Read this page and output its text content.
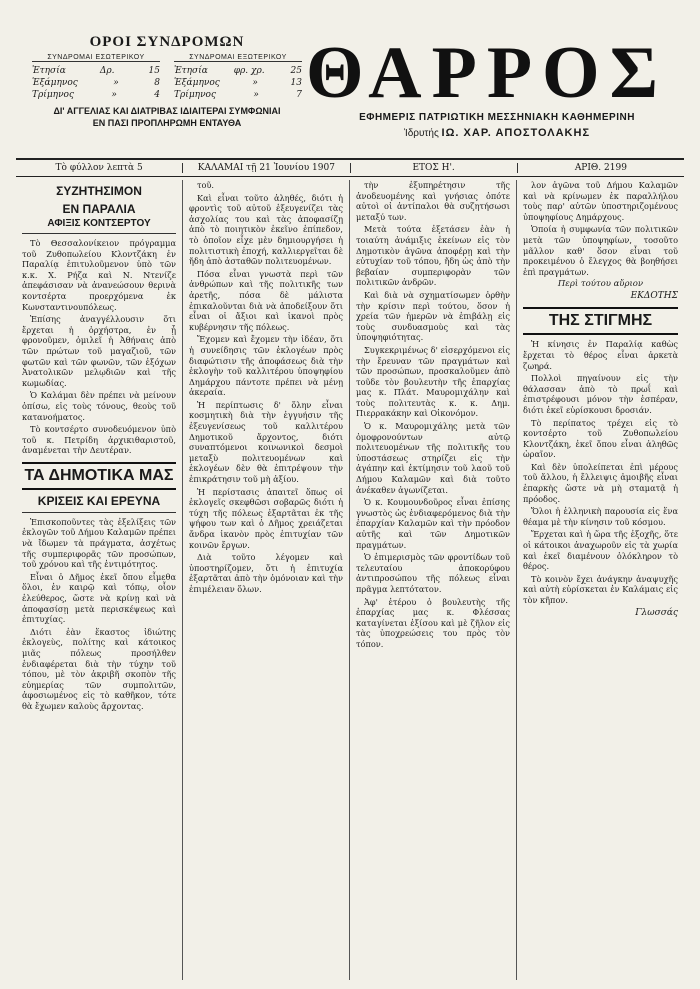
ΟΡΟΙ ΣΥΝΔΡΟΜΩΝ
ΣΥΝΔΡΟΜΑΙ ΕΣΩΤΕΡΙΚΟΥ
Ἐτησία	Δρ.	15
Ἑξάμηνος	»	8
Τρίμηνος	»	4
ΣΥΝΔΡΟΜΑΙ ΕΞΩΤΕΡΙΚΟΥ
Ἐτησία	φρ. χρ.	25
Ἑξάμηνος	»	13
Τρίμηνος	»	7
ΔΙ' ΑΓΓΕΛΙΑΣ ΚΑΙ ΔΙΑΤΡΙΒΑΣ ΙΔΙΑΙΤΕΡΑΙ ΣΥΜΦΩΝΙΑΙ
ΕΝ ΠΑΣΙ ΠΡΟΠΛΗΡΩΜΗ ΕΝΤΑΥΘΑ
ΘΑΡΡΟΣ
ΕΦΗΜΕΡΙΣ ΠΑΤΡΙΩΤΙΚΗ ΜΕΣΣΗΝΙΑΚΗ ΚΑΘΗΜΕΡΙΝΗ
Ἱδρυτής ΙΩ. ΧΑΡ. ΑΠΟΣΤΟΛΑΚΗΣ
Τὸ φύλλον λεπτὰ 5	ΚΑΛΑΜΑΙ τῇ 21 Ἰουνίου 1907	ΕΤΟΣ Η'.	ΑΡΙΘ. 2199
ΣΥΖΗΤΗΣΙΜΟΝ
ΕΝ ΠΑΡΑΛΙΑ
ΑΦΙΞΙΣ ΚΟΝΤΣΕΡΤΟΥ

Τὸ Θεσσαλονίκειον πρόγραμμα τοῦ Ζυθοπωλείου Κλοντζάκη ἐν Παραλίᾳ ἐπιτυλοῦμενον ὑπὸ τῶν κ.κ. Χ. Ρήζα καὶ Ν. Ντενίζε ἀπεφάσισαν νὰ ἀνανεώσουν θερινὰ κοντσέρτα προερχόμενα ἐκ Κωνσταντινουπόλεως.

Ἐπίσης ἀναγγέλλουσιν ὅτι ἔρχεται ἡ ὀρχήστρα, ἐν ᾗ φρονοῦμεν, ὁμιλεῖ ἡ Ἀθήναις ἀπὸ τῶν πρώτων τοῦ μαγαζιοῦ, τῶν φωτῶν καὶ τῶν φωνῶν, τῶν ἐξόχων Ἀνατολικῶν μελῳδιῶν καὶ τῆς κωμωδίας.

Ὁ Καλάμαι δὲν πρέπει νὰ μείνουν ὀπίσω, εἰς τοὺς τόνους, θεοὺς τοῦ κατανοήματος.

Τὸ κοντσέρτο συνοδευόμενον ὑπὸ τοῦ κ. Πετρίδη ἀρχικιθαριστοῦ, ἀναμένεται τὴν Δευτέραν.

ΤΑ ΔΗΜΟΤΙΚΑ ΜΑΣ
ΚΡΙΣΕΙΣ ΚΑΙ ΕΡΕΥΝΑ

Ἐπισκοποῦντες τὰς ἐξελίξεις τῶν ἐκλογῶν τοῦ Δήμου Καλαμῶν πρέπει νὰ ἴδωμεν τὰ πράγματα, ἀσχέτως τῆς συμπεριφορᾶς τῶν προσώπων, τοῦ χρόνου καὶ τῆς ἐντιμότητος.

Εἶναι ὁ Δῆμος ἐκεῖ ὅπου εἶμεθα ὅλοι, ἐν καιρῷ καὶ τόπῳ, οἷον ἐλεύθερος, ὥστε νὰ κρίνῃ καὶ νὰ ἀποφασίσῃ μετὰ περισκέψεως καὶ ἐπιτυχίας.

Διότι ἐὰν ἕκαστος ἰδιώτης ἐκλογεὺς, πολίτης καὶ κάτοικος μιᾶς πόλεως προσήλθεν ἐνδιαφέρεται διὰ τὴν τύχην τοῦ τόπου, μὲ τὸν ἀκριβῆ σκοπὸν τῆς εὐημερίας τῶν συμπολιτῶν, ἀφοσιωμένος εἰς τὸ καθῆκον, τότε θὰ ἔχωμεν καλοὺς ἄρχοντας.

τοῦ.

Καὶ εἶναι τοῦτο ἀληθές, διότι ἡ φροντὶς τοῦ αὐτοῦ ἐξευγενίζει τὰς ἀσχολίας του καὶ τὰς ἀποφασίζῃ ἀπὸ τὸ ποιητικὸν ἐκεῖνο ἐπίπεδον, τὸ ὁποῖον εἶχε μὲν δημιουργήσει ἡ πολιτιστικὴ ἐποχή, καλλιεργεῖται δὲ ἤδη ἀπὸ ἀσταθῶν πολιτευομένων.

Πόσα εἶναι γνωστὰ περὶ τῶν ἀνθρώπων καὶ τῆς πολιτικῆς των ἀρετῆς, πόσα δὲ μάλιστα ἐπικαλοῦνται διὰ νὰ ἀποδείξουν ὅτι εἶναι οἱ ἄξιοι καὶ ἱκανοὶ πρὸς κυβέρνησιν τῆς πόλεως.

Ἔχομεν καὶ ἔχομεν τὴν ἰδέαν, ὅτι ἡ συνείδησις τῶν ἐκλογέων πρὸς διαφώτισιν τῆς ἀποφάσεως διὰ τὴν ἐκλογὴν τοῦ καλλιτέρου ὑποψηφίου Δημάρχου πάντοτε πρέπει νὰ μένῃ ἀκεραία.

Ἡ περίπτωσις δ' ὅλην εἶναι κοσμητικὴ διὰ τὴν ἐγγυήσιν τῆς ἐξευγενίσεως τοῦ καλλιτέρου Δημοτικοῦ ἄρχοντος, διότι συναπτόμενοι κοινωνικοὶ δεσμοὶ μεταξὺ πολιτευομένων καὶ ἐκλογέων δὲν θὰ ἐπιτρέψουν τὴν ἐπικράτησιν τοῦ μὴ ἀξίου.

Ἡ περίστασις ἀπαιτεῖ ὅπως οἱ ἐκλογεῖς σκεφθῶσι σοβαρῶς διότι ἡ τύχη τῆς πόλεως ἐξαρτᾶται ἐκ τῆς ψήφου των καὶ ὁ Δῆμος χρειάζεται ἄνδρα ἱκανὸν πρὸς ἐπιτυχίαν τῶν κοινῶν ἔργων.

Διὰ τοῦτο λέγομεν καὶ ὑποστηρίζομεν, ὅτι ἡ ἐπιτυχία ἐξαρτᾶται ἀπὸ τὴν ὁμόνοιαν καὶ τὴν ἐπιμέλειαν ὅλων.

τὴν ἐξυπηρέτησιν τῆς ἀνοδευομένης καὶ γνήσιας ὁπότε αὐτοὶ οἱ ἀντίπαλοι θὰ συζητήσωσι μεταξύ των.

Μετὰ τούτα ἐξετάσεν ἐὰν ἡ τοιαύτη ἀνάμιξις ἐκείνων εἰς τὸν Δημοτικὸν ἀγῶνα ἀποφέρῃ καὶ τὴν εὐτυχίαν τοῦ τόπου, ἤδη ὡς ἀπὸ τὴν βεβαίαν συμπεριφορὰν τῶν πολιτικῶν ἀνδρῶν.

Καὶ διὰ νὰ σχηματίσωμεν ὀρθὴν τὴν κρίσιν περὶ τούτου, ὅσον ἡ χρεία τῶν ἡμερῶν νὰ ἐπιβάλῃ εἰς τοὺς συνδυασμοὺς καὶ τὰς ὑποψηφιότητας.

Συγκεκριμένως δ' εἰσερχόμενοι εἰς τὴν ἔρευναν τῶν πραγμάτων καὶ τῶν προσώπων, προσκαλοῦμεν ἀπὸ τοῦδε τὸν βουλευτὴν τῆς ἐπαρχίας μας κ. Πλάτ. Μαυρομιχάλην καὶ τοὺς πολιτευτὰς κ. κ. Δημ. Πιερρακάκην καὶ Οἰκονόμον.

Ὁ κ. Μαυρομιχάλης μετὰ τῶν ὁμοφρονούντων αὐτῷ πολιτευομένων τῆς πολιτικῆς του ὑποστάσεως στηρίζει εἰς τὴν ἀγάπην καὶ ἐκτίμησιν τοῦ λαοῦ τοῦ Δήμου Καλαμῶν καὶ διὰ τοῦτο ἀνέκαθεν ἀγωνίζεται.

Ὁ κ. Κουμουνδοῦρος εἶναι ἐπίσης γνωστὸς ὡς ἐνδιαφερόμενος διὰ τὴν ἐπαρχίαν Καλαμῶν καὶ τὴν πρόοδον αὐτῆς καὶ τῶν Δημοτικῶν πραγμάτων.

Ὁ ἐπιμερισμὸς τῶν φροντίδων τοῦ τελευταίου ἀποκορύφου ἀντιπροσώπου τῆς πόλεως εἶναι πρᾶγμα λεπτότατον.

Ἀφ' ἑτέρου ὁ βουλευτὴς τῆς ἐπαρχίας μας κ. Φλέσσας καταγίνεται ἐξίσου καὶ μὲ ζῆλον εἰς τὰς ὑποχρεώσεις του πρὸς τὸν τόπον.

λον ἀγῶνα τοῦ Δήμου Καλαμῶν καὶ νὰ κρίνωμεν ἐκ παραλλήλου τοὺς παρ' αὐτῶν ὑποστηριζομένους ὑποψηφίους Δημάρχους.

Ὁποία ἡ συμφωνία τῶν πολιτικῶν μετὰ τῶν ὑποψηφίων, τοσοῦτο μᾶλλον καθ' ὅσον εἶναι τοῦ προκειμένου ὁ ἔλεγχος θὰ βοηθήσει ἐπὶ πραγμάτων.

Περὶ τούτου αὔριον
ΕΚΔΟΤΗΣ
ΤΗΣ ΣΤΙΓΜΗΣ

Ἡ κίνησις ἐν Παραλίᾳ καθὼς ἔρχεται τὸ θέρος εἶναι ἀρκετὰ ζωηρά.

Πολλοὶ πηγαίνουν εἰς τὴν θάλασσαν ἀπὸ τὸ πρωΐ καὶ ἐπιστρέφουσι μόνον τὴν ἑσπέραν, διότι ἐκεῖ εὑρίσκουσι δροσιάν.

Τὸ περίπατος τρέχει εἰς τὸ κοντσέρτο τοῦ Ζυθοπωλείου Κλοντζάκη, ἐκεῖ ὅπου εἶναι ἀληθῶς ὡραῖον.

Καὶ δὲν ὑπολείπεται ἐπὶ μέρους τοῦ ἄλλου, ἡ ἔλλειψις ἀμοιβῆς εἶναι ἐπαρκὴς ὥστε νὰ μὴ σταματᾷ ἡ πρόοδος.

Ὅλοι ἡ ἑλληνικὴ παρουσία εἰς ἕνα θέαμα μὲ τὴν κίνησιν τοῦ κόσμου.

Ἔρχεται καὶ ἡ ὥρα τῆς ἐξοχῆς, ὅτε οἱ κάτοικοι ἀναχωροῦν εἰς τὰ χωρία καὶ ἐκεῖ διαμένουν ὁλόκληρον τὸ θέρος.

Τὸ κοινὸν ἔχει ἀνάγκην ἀναψυχῆς καὶ αὐτὴ εὑρίσκεται ἐν Καλάμαις εἰς τὸν κῆπον.

Γλωσσάς
